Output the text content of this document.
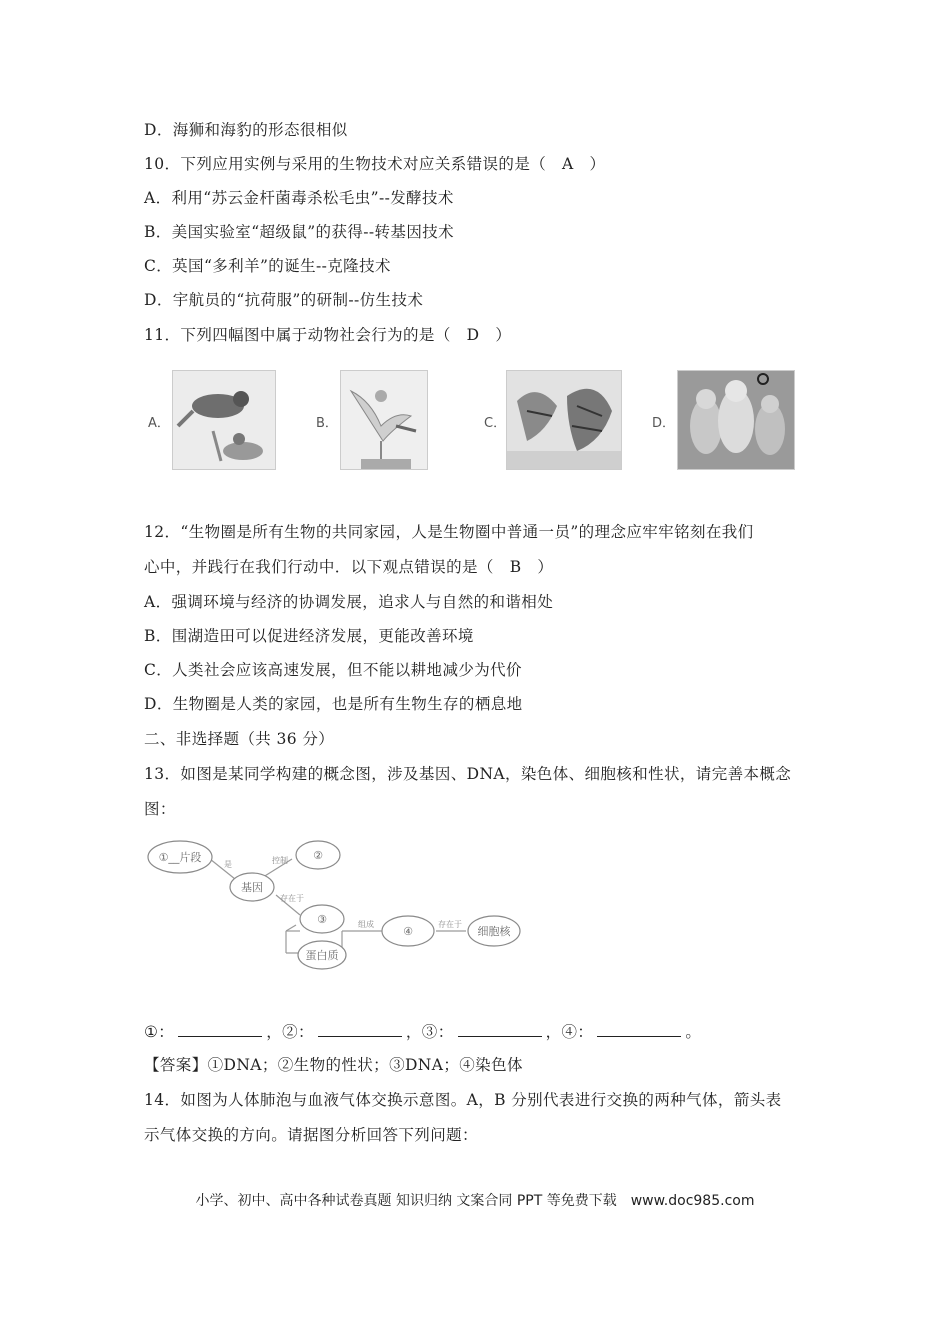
D．海狮和海豹的形态很相似
10．下列应用实例与采用的生物技术对应关系错误的是（　A　）
A．利用“苏云金杆菌毒杀松毛虫”--发酵技术
B．美国实验室“超级鼠”的获得--转基因技术
C．英国“多利羊”的诞生--克隆技术
D．宇航员的“抗荷服”的研制--仿生技术
11．下列四幅图中属于动物社会行为的是（　D　）
A．	B．	C．	D．
12．“生物圈是所有生物的共同家园，人是生物圈中普通一员”的理念应牢牢铭刻在我们
心中，并践行在我们行动中．以下观点错误的是（　B　）
A．强调环境与经济的协调发展，追求人与自然的和谐相处
B．围湖造田可以促进经济发展，更能改善环境
C．人类社会应该高速发展，但不能以耕地减少为代价
D．生物圈是人类的家园，也是所有生物生存的栖息地
二、非选择题（共 36 分）
13．如图是某同学构建的概念图，涉及基因、DNA，染色体、细胞核和性状，请完善本概念
图：
①__片段	②
基因
③
蛋白质
④	细胞核
是	控制
存在于
组成	存在于
①：	，②：	，③：	，④：	。
【答案】①DNA；②生物的性状；③DNA；④染色体
14．如图为人体肺泡与血液气体交换示意图。A，B 分别代表进行交换的两种气体，箭头表
示气体交换的方向。请据图分析回答下列问题：
小学、初中、高中各种试卷真题 知识归纳 文案合同 PPT 等免费下载　www.doc985.com
